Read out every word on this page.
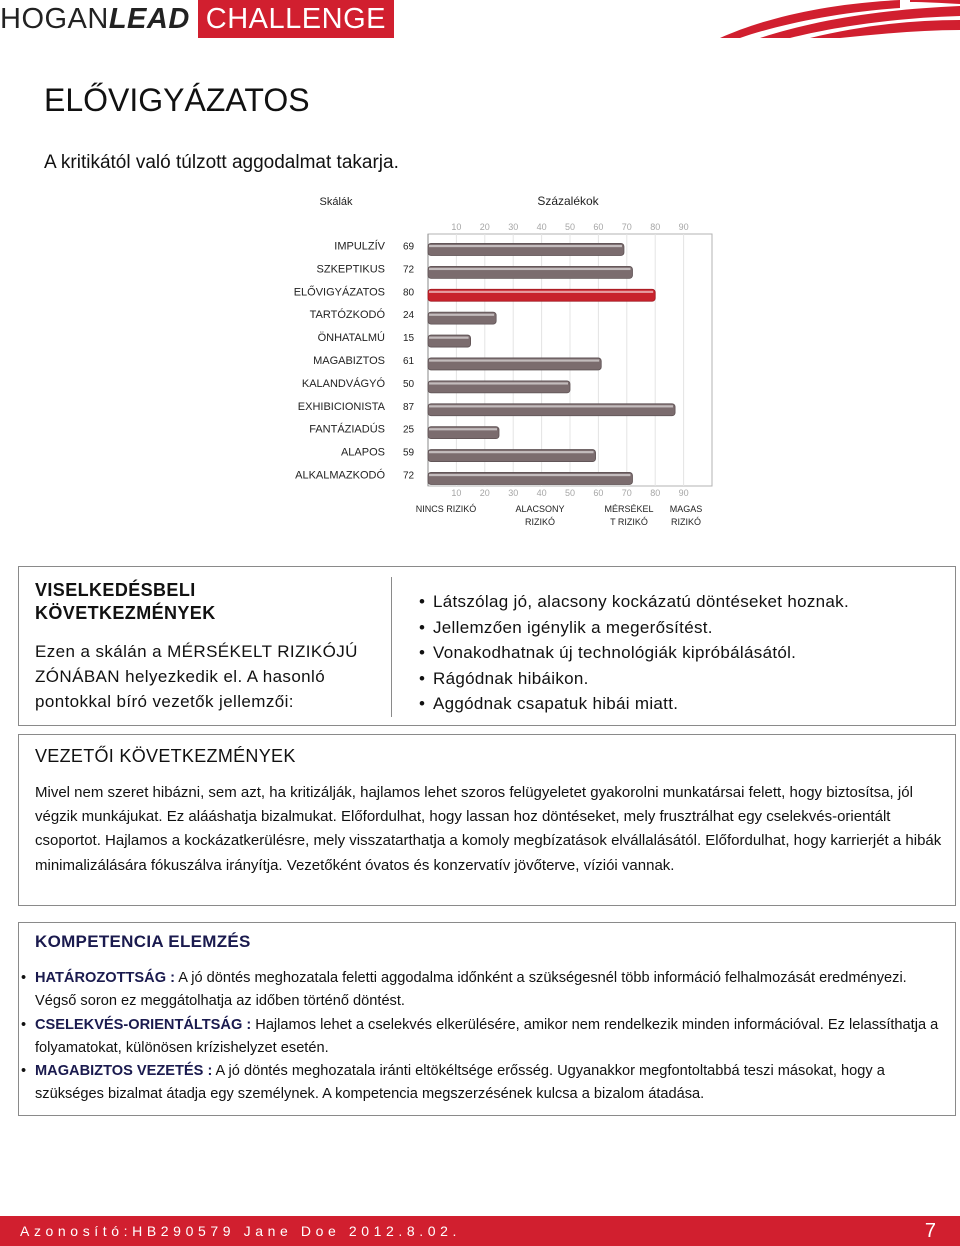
HOGAN LEAD CHALLENGE
ELŐVIGYÁZATOS
A kritikától való túlzott aggodalmat takarja.
Skálák	Százalékok
10 20 30 40 50 60 70 80 90
10 20 30 40 50 60 70 80 90
IMPULZÍV 69
SZKEPTIKUS 72
ELŐVIGYÁZATOS 80
TARTÓZKODÓ 24
ÖNHATALMÚ 15
MAGABIZTOS 61
KALANDVÁGYÓ 50
EXHIBICIONISTA 87
FANTÁZIADÚS 25
ALAPOS 59
ALKALMAZKODÓ 72
NINCS RIZIKÓ	ALACSONY
RIZIKÓ
MÉRSÉKEL
T RIZIKÓ
MAGAS
RIZIKÓ
VISELKEDÉSBELI KÖVETKEZMÉNYEK
Ezen a skálán a MÉRSÉKELT RIZIKÓJÚ ZÓNÁBAN helyezkedik el. A hasonló pontokkal bíró vezetők jellemzői:
• Látszólag jó, alacsony kockázatú döntéseket hoznak.
• Jellemzően igénylik a megerősítést.
• Vonakodhatnak új technológiák kipróbálásától.
• Rágódnak hibáikon.
• Aggódnak csapatuk hibái miatt.
VEZETŐI KÖVETKEZMÉNYEK

Mivel nem szeret hibázni, sem azt, ha kritizálják, hajlamos lehet szoros felügyeletet gyakorolni munkatársai felett, hogy biztosítsa, jól végzik munkájukat. Ez alááshatja bizalmukat. Előfordulhat, hogy lassan hoz döntéseket, mely frusztrálhat egy cselekvés-orientált csoportot. Hajlamos a kockázatkerülésre, mely visszatarthatja a komoly megbízatások elvállalásától. Előfordulhat, hogy karrierjét a hibák minimalizálására fókuszálva irányítja. Vezetőként óvatos és konzervatív jövőterve, víziói vannak.

KOMPETENCIA ELEMZÉS
• HATÁROZOTTSÁG : A jó döntés meghozatala feletti aggodalma időnként a szükségesnél több információ felhalmozását eredményezi. Végső soron ez meggátolhatja az időben történő döntést.
• CSELEKVÉS-ORIENTÁLTSÁG : Hajlamos lehet a cselekvés elkerülésére, amikor nem rendelkezik minden információval. Ez lelassíthatja a folyamatokat, különösen krízishelyzet esetén.
• MAGABIZTOS VEZETÉS : A jó döntés meghozatala iránti eltökéltsége erősség. Ugyanakkor megfontoltabbá teszi másokat, hogy a szükséges bizalmat átadja egy személynek. A kompetencia megszerzésének kulcsa a bizalom átadása.
Azonosító:HB290579 Jane Doe 2012.8.02.	7
